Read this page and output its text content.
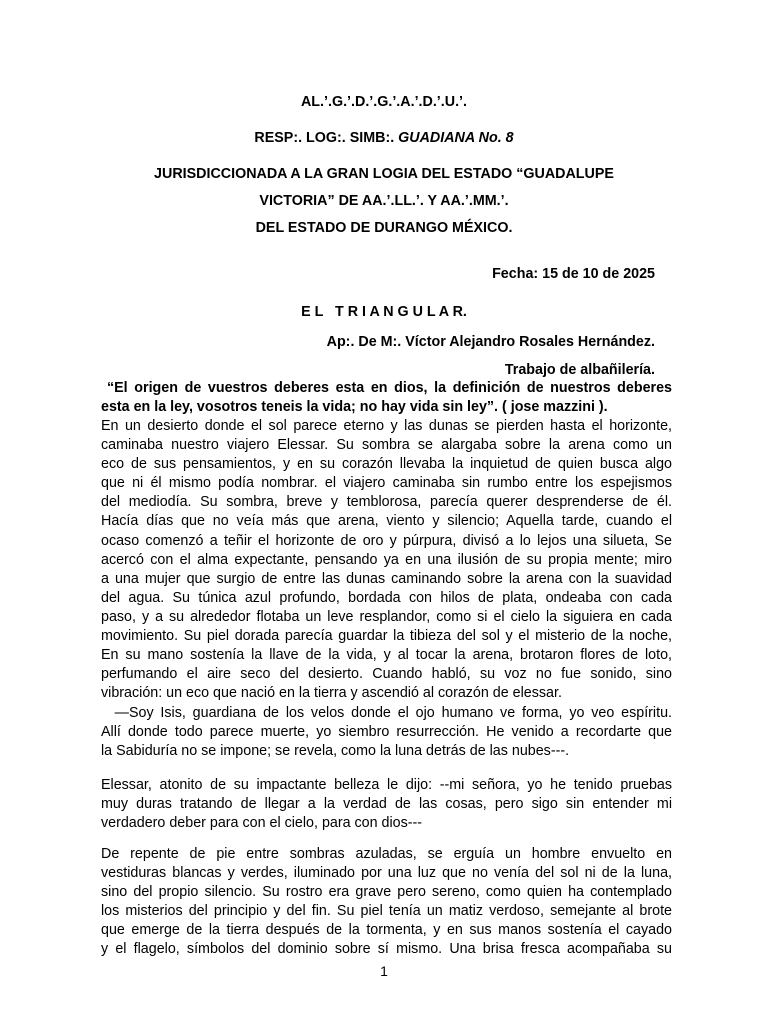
AL.’.G.’.D.’.G.’.A.’.D.’.U.’.
RESP:. LOG:. SIMB:. GUADIANA No. 8
JURISDICCIONADA A LA GRAN LOGIA DEL ESTADO “GUADALUPE
VICTORIA” DE AA.’.LL.’. Y AA.’.MM.’.
DEL ESTADO DE DURANGO MÉXICO.
Fecha: 15 de 10 de 2025
E L   T R I A N G U L A R.
Ap:. De M:. Víctor Alejandro Rosales Hernández.
Trabajo de albañilería.
“El origen de vuestros deberes esta en dios, la definición de nuestros deberes
esta en la ley, vosotros teneis la vida; no hay vida sin ley”. ( jose mazzini ).
En un desierto donde el sol parece eterno y las dunas se pierden hasta el horizonte,
caminaba nuestro viajero Elessar. Su sombra se alargaba sobre la arena como un
eco de sus pensamientos, y en su corazón llevaba la inquietud de quien busca algo
que ni él mismo podía nombrar. el viajero caminaba sin rumbo entre los espejismos
del mediodía. Su sombra, breve y temblorosa, parecía querer desprenderse de él.
Hacía días que no veía más que arena, viento y silencio; Aquella tarde, cuando el
ocaso comenzó a teñir el horizonte de oro y púrpura, divisó a lo lejos una silueta, Se
acercó con el alma expectante, pensando ya en una ilusión de su propia mente; miro
a una mujer que surgio de entre las dunas caminando sobre la arena con la suavidad
del agua. Su túnica azul profundo, bordada con hilos de plata, ondeaba con cada
paso, y a su alrededor flotaba un leve resplandor, como si el cielo la siguiera en cada
movimiento. Su piel dorada parecía guardar la tibieza del sol y el misterio de la noche,
En su mano sostenía la llave de la vida, y al tocar la arena, brotaron flores de loto,
perfumando el aire seco del desierto. Cuando habló, su voz no fue sonido, sino
vibración: un eco que nació en la tierra y ascendió al corazón de elessar.
—Soy Isis, guardiana de los velos donde el ojo humano ve forma, yo veo espíritu.
Allí donde todo parece muerte, yo siembro resurrección. He venido a recordarte que
la Sabiduría no se impone; se revela, como la luna detrás de las nubes---.
Elessar, atonito de su impactante belleza le dijo: --mi señora, yo he tenido pruebas
muy duras tratando de llegar a la verdad de las cosas, pero sigo sin entender mi
verdadero deber para con el cielo, para con dios---
De repente de pie entre sombras azuladas, se erguía un hombre envuelto en
vestiduras blancas y verdes, iluminado por una luz que no venía del sol ni de la luna,
sino del propio silencio. Su rostro era grave pero sereno, como quien ha contemplado
los misterios del principio y del fin. Su piel tenía un matiz verdoso, semejante al brote
que emerge de la tierra después de la tormenta, y en sus manos sostenía el cayado
y el flagelo, símbolos del dominio sobre sí mismo. Una brisa fresca acompañaba su
1
